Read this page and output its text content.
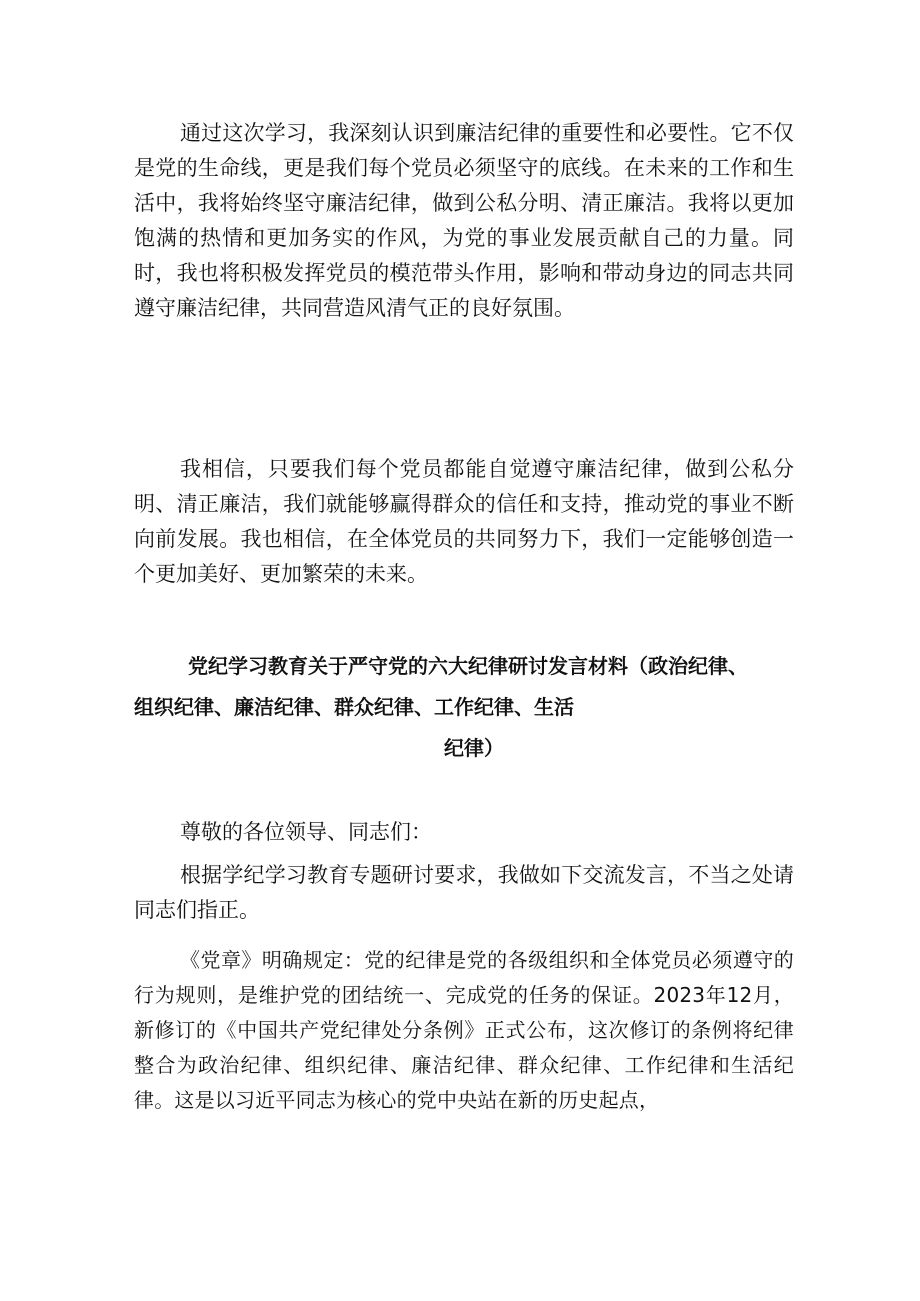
通过这次学习，我深刻认识到廉洁纪律的重要性和必要性。它不仅是党的生命线，更是我们每个党员必须坚守的底线。在未来的工作和生活中，我将始终坚守廉洁纪律，做到公私分明、清正廉洁。我将以更加饱满的热情和更加务实的作风，为党的事业发展贡献自己的力量。同时，我也将积极发挥党员的模范带头作用，影响和带动身边的同志共同遵守廉洁纪律，共同营造风清气正的良好氛围。

我相信，只要我们每个党员都能自觉遵守廉洁纪律，做到公私分明、清正廉洁，我们就能够赢得群众的信任和支持，推动党的事业不断向前发展。我也相信，在全体党员的共同努力下，我们一定能够创造一个更加美好、更加繁荣的未来。

党纪学习教育关于严守党的六大纪律研讨发言材料（政治纪律、
组织纪律、廉洁纪律、群众纪律、工作纪律、生活
纪律）

尊敬的各位领导、同志们：

根据学纪学习教育专题研讨要求，我做如下交流发言，不当之处请同志们指正。

《党章》明确规定：党的纪律是党的各级组织和全体党员必须遵守的行为规则，是维护党的团结统一、完成党的任务的保证。2023年12月，新修订的《中国共产党纪律处分条例》正式公布，这次修订的条例将纪律整合为政治纪律、组织纪律、廉洁纪律、群众纪律、工作纪律和生活纪律。这是以习近平同志为核心的党中央站在新的历史起点，
